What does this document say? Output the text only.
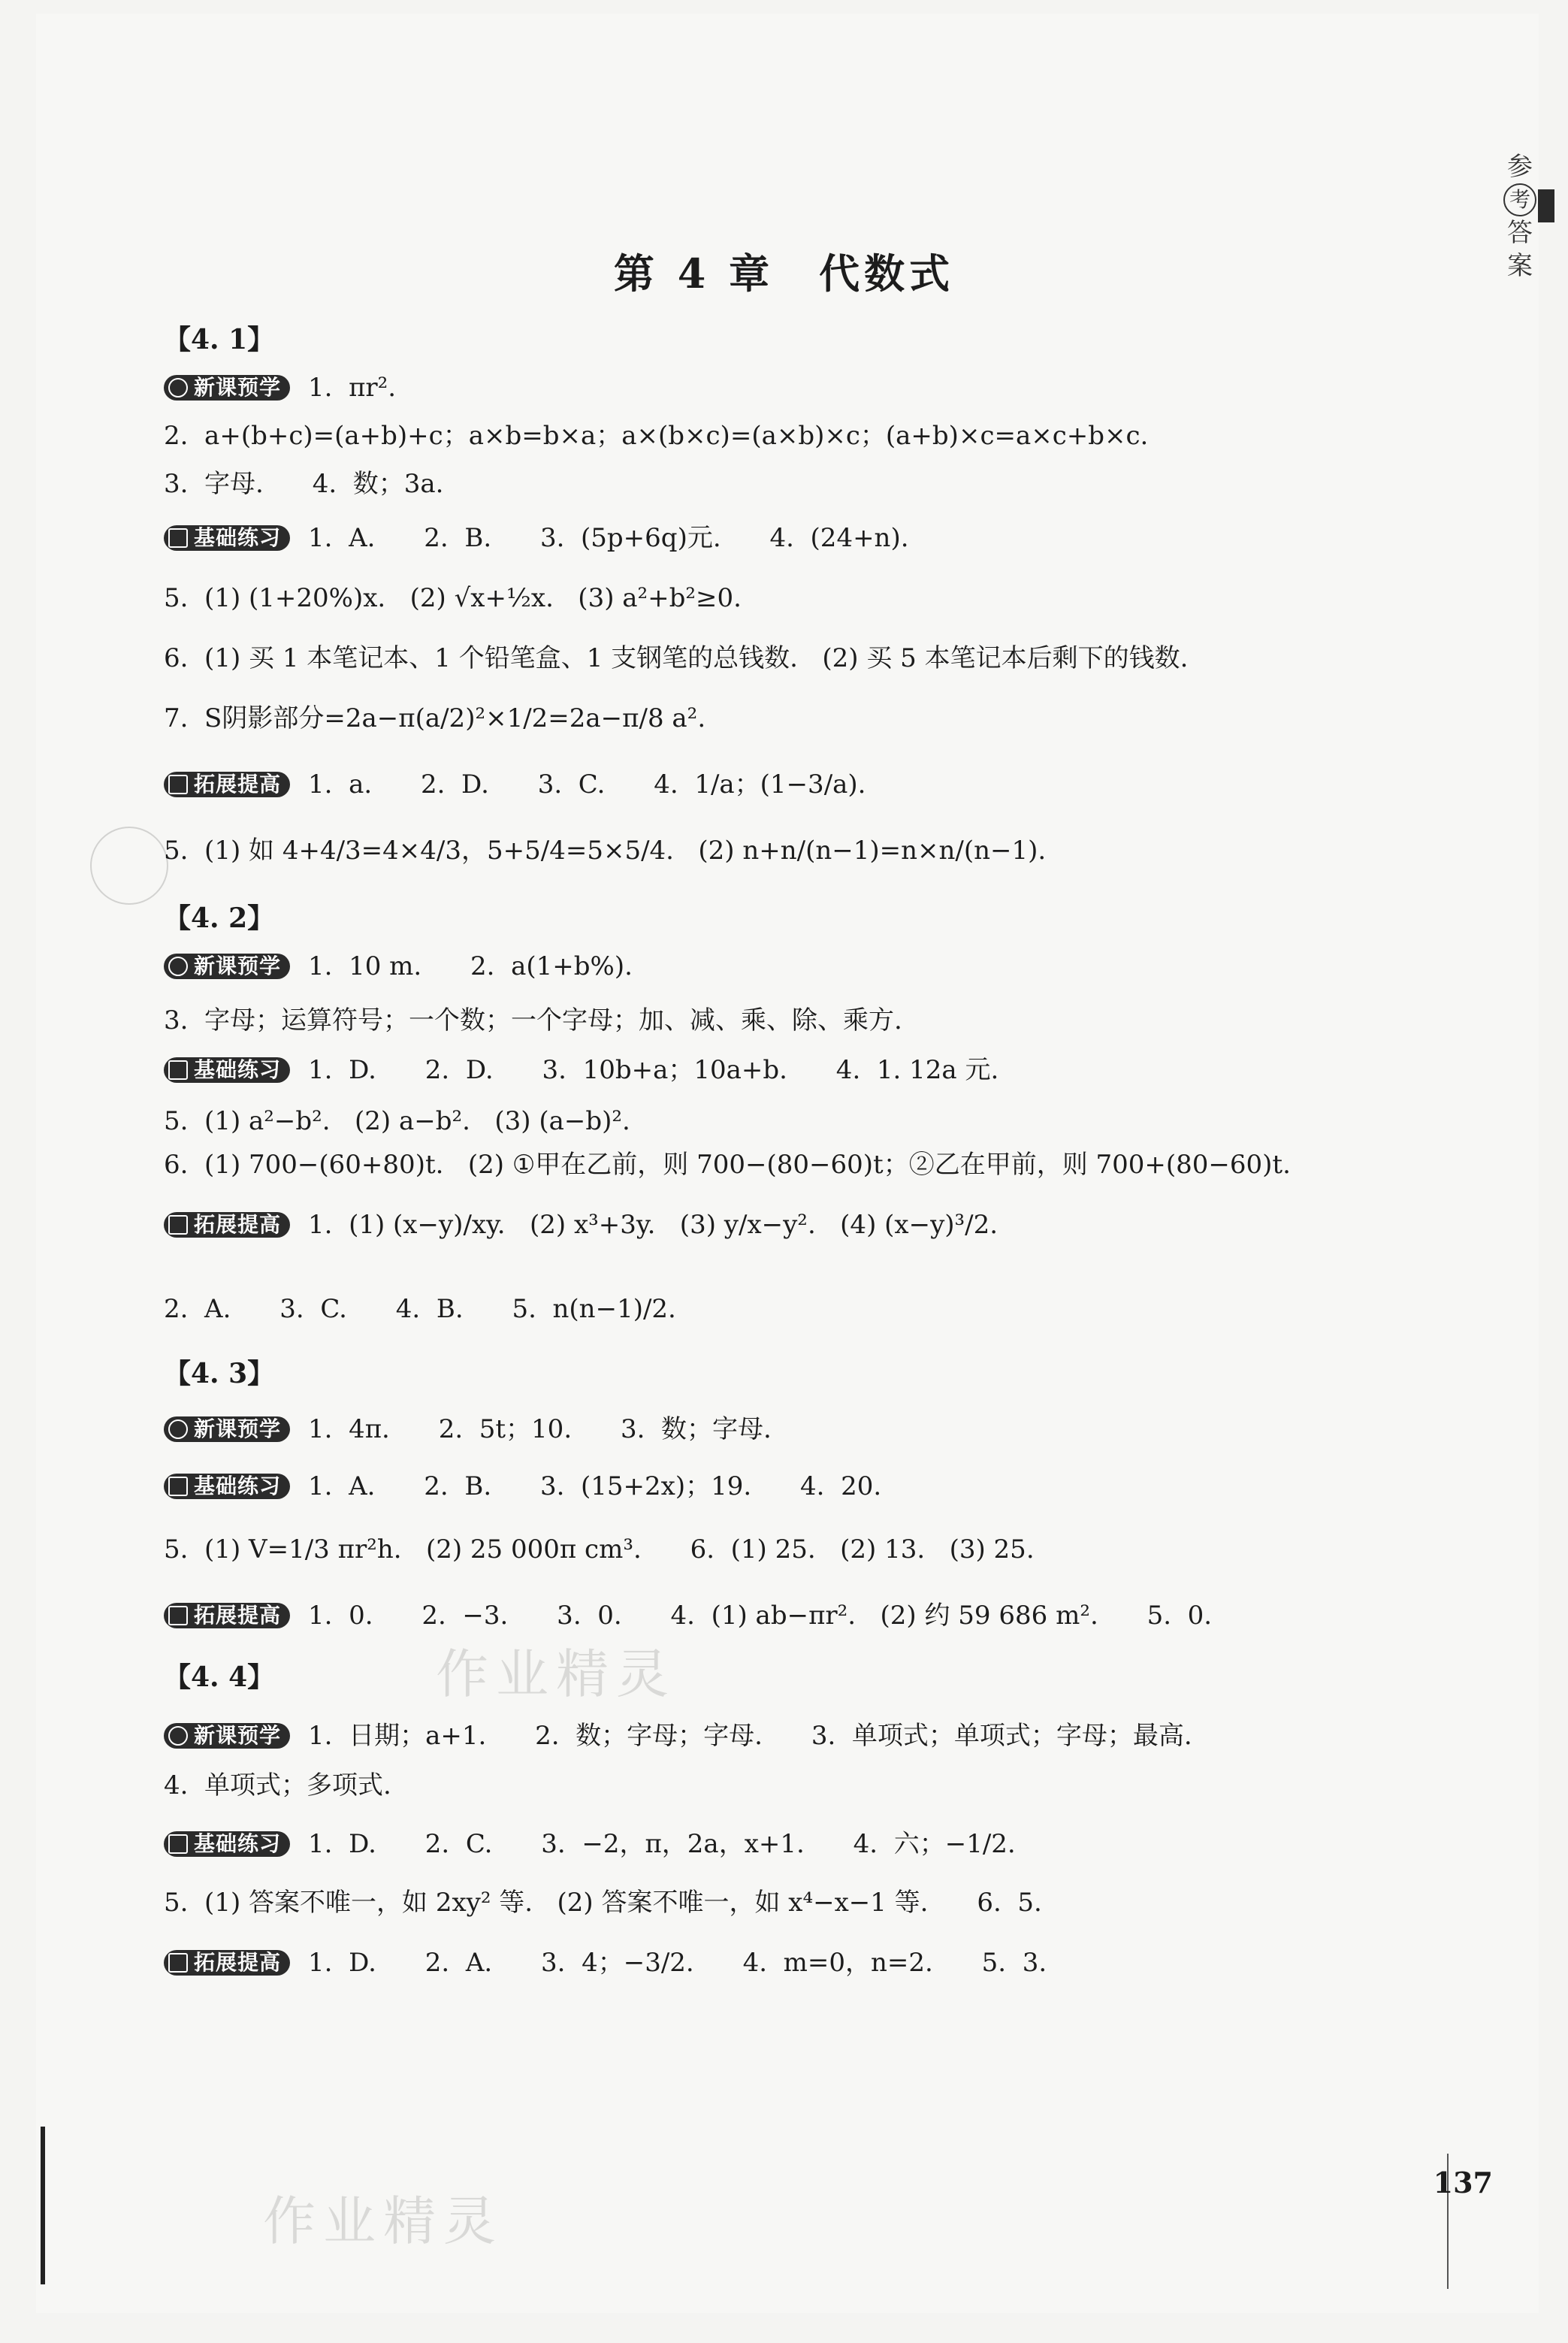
参
考
答
案
第 4 章　代数式
【4. 1】
新课预学 1.  πr².
2.  a+(b+c)=(a+b)+c；a×b=b×a；a×(b×c)=(a×b)×c；(a+b)×c=a×c+b×c.
3.  字母.      4.  数；3a.
基础练习 1.  A.      2.  B.      3.  (5p+6q)元.      4.  (24+n).
5.  (1) (1+20%)x.   (2) √x+½x.   (3) a²+b²≥0.
6.  (1) 买 1 本笔记本、1 个铅笔盒、1 支钢笔的总钱数.   (2) 买 5 本笔记本后剩下的钱数.
7.  S阴影部分=2a−π(a/2)²×1/2=2a−π/8 a².
拓展提高 1.  a.      2.  D.      3.  C.      4.  1/a；(1−3/a).
5.  (1) 如 4+4/3=4×4/3，5+5/4=5×5/4.   (2) n+n/(n−1)=n×n/(n−1).
【4. 2】
新课预学 1.  10 m.      2.  a(1+b%).
3.  字母；运算符号；一个数；一个字母；加、减、乘、除、乘方.
基础练习 1.  D.      2.  D.      3.  10b+a；10a+b.      4.  1. 12a 元.
5.  (1) a²−b².   (2) a−b².   (3) (a−b)².
6.  (1) 700−(60+80)t.   (2) ①甲在乙前，则 700−(80−60)t；②乙在甲前，则 700+(80−60)t.
拓展提高 1.  (1) (x−y)/xy.   (2) x³+3y.   (3) y/x−y².   (4) (x−y)³/2.
2.  A.      3.  C.      4.  B.      5.  n(n−1)/2.
【4. 3】
新课预学 1.  4π.      2.  5t；10.      3.  数；字母.
基础练习 1.  A.      2.  B.      3.  (15+2x)；19.      4.  20.
5.  (1) V=1/3 πr²h.   (2) 25 000π cm³.      6.  (1) 25.   (2) 13.   (3) 25.
拓展提高 1.  0.      2.  −3.      3.  0.      4.  (1) ab−πr².   (2) 约 59 686 m².      5.  0.
【4. 4】
新课预学 1.  日期；a+1.      2.  数；字母；字母.      3.  单项式；单项式；字母；最高.
4.  单项式；多项式.
基础练习 1.  D.      2.  C.      3.  −2，π，2a，x+1.      4.  六；−1/2.
5.  (1) 答案不唯一，如 2xy² 等.   (2) 答案不唯一，如 x⁴−x−1 等.      6.  5.
拓展提高 1.  D.      2.  A.      3.  4；−3/2.      4.  m=0，n=2.      5.  3.
作业精灵
作业精灵
137
